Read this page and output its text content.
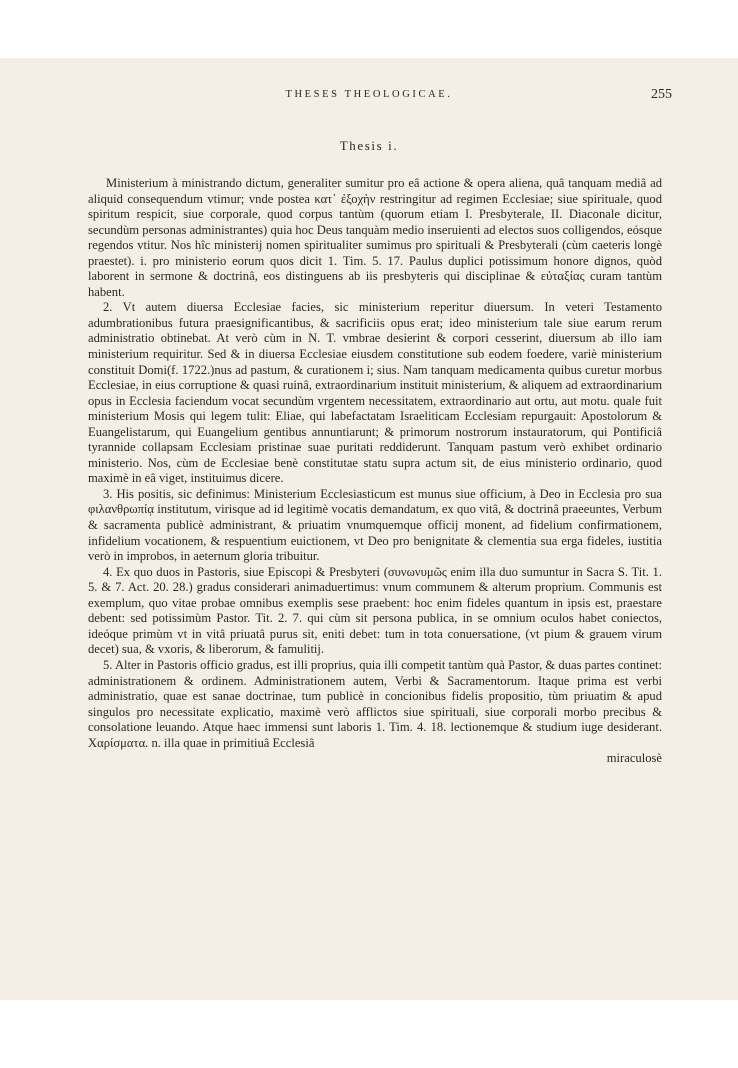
THESES THEOLOGICAE.	255
Thesis i.

Ministerium à ministrando dictum, generaliter sumitur pro eâ actione & opera aliena, quâ tanquam mediâ ad aliquid consequendum vtimur; vnde postea κατ᾽ ἐξοχὴν restringitur ad regimen Ecclesiae; siue spirituale, quod spiritum respicit, siue corporale, quod corpus tantùm (quorum etiam I. Presbyterale, II. Diaconale dicitur, secundùm personas administrantes) quia hoc Deus tanquàm medio inseruienti ad electos suos colligendos, eósque regendos vtitur. Nos hîc ministerij nomen spiritualiter sumimus pro spirituali & Presbyterali (cùm caeteris longè praestet). i. pro ministerio eorum quos dicit 1. Tim. 5. 17. Paulus duplici potissimum honore dignos, quòd laborent in sermone & doctrinâ, eos distinguens ab iis presbyteris qui disciplinae & εὐταξίας curam tantùm habent.

2. Vt autem diuersa Ecclesiae facies, sic ministerium reperitur diuersum. In veteri Testamento adumbrationibus futura praesignificantibus, & sacrificiis opus erat; ideo ministerium tale siue earum rerum administratio obtinebat. At verò cùm in N. T. vmbrae desierint & corpori cesserint, diuersum ab illo iam ministerium requiritur. Sed & in diuersa Ecclesiae eiusdem constitutione sub eodem foedere, variè ministerium constituit Domi(f. 1722.)nus ad pastum, & curationem i; sius. Nam tanquam medicamenta quibus curetur morbus Ecclesiae, in eius corruptione & quasi ruinâ, extraordinarium instituit ministerium, & aliquem ad extraordinarium opus in Ecclesia faciendum vocat secundùm vrgentem necessitatem, extraordinario aut ortu, aut motu. quale fuit ministerium Mosis qui legem tulit: Eliae, qui labefactatam Israeliticam Ecclesiam repurgauit: Apostolorum & Euangelistarum, qui Euangelium gentibus annuntiarunt; & primorum nostrorum instauratorum, qui Pontificiâ tyrannide collapsam Ecclesiam pristinae suae puritati reddiderunt. Tanquam pastum verò exhibet ordinario ministerio. Nos, cùm de Ecclesiae benè constitutae statu supra actum sit, de eius ministerio ordinario, quod maximè in eâ viget, instituimus dicere.

3. His positis, sic definimus: Ministerium Ecclesiasticum est munus siue officium, à Deo in Ecclesia pro sua φιλανθρωπίᾳ institutum, virisque ad id legitimè vocatis demandatum, ex quo vitâ, & doctrinâ praeeuntes, Verbum & sacramenta publicè administrant, & priuatim vnumquemque officij monent, ad fidelium confirmationem, infidelium vocationem, & respuentium euictionem, vt Deo pro benignitate & clementia sua erga fideles, iustitia verò in improbos, in aeternum gloria tribuitur.

4. Ex quo duos in Pastoris, siue Episcopi & Presbyteri (συνωνυμῶς enim illa duo sumuntur in Sacra S. Tit. 1. 5. & 7. Act. 20. 28.) gradus considerari animaduertimus: vnum communem & alterum proprium. Communis est exemplum, quo vitae probae omnibus exemplis sese praebent: hoc enim fideles quantum in ipsis est, praestare debent: sed potissimùm Pastor. Tit. 2. 7. qui cùm sit persona publica, in se omnium oculos habet coniectos, ideóque primùm vt in vitâ priuatâ purus sit, eniti debet: tum in tota conuersatione, (vt pium & grauem virum decet) sua, & vxoris, & liberorum, & famulitij.

5. Alter in Pastoris officio gradus, est illi proprius, quia illi competit tantùm quà Pastor, & duas partes continet: administrationem & ordinem. Administrationem autem, Verbi & Sacramentorum. Itaque prima est verbi administratio, quae est sanae doctrinae, tum publicè in concionibus fidelis propositio, tùm priuatim & apud singulos pro necessitate explicatio, maximè verò afflictos siue spirituali, siue corporali morbo precibus & consolatione leuando. Atque haec immensi sunt laboris 1. Tim. 4. 18. lectionemque & studium iuge desiderant. Χαρίσματα. n. illa quae in primitiuâ Ecclesiâ

miraculosè
